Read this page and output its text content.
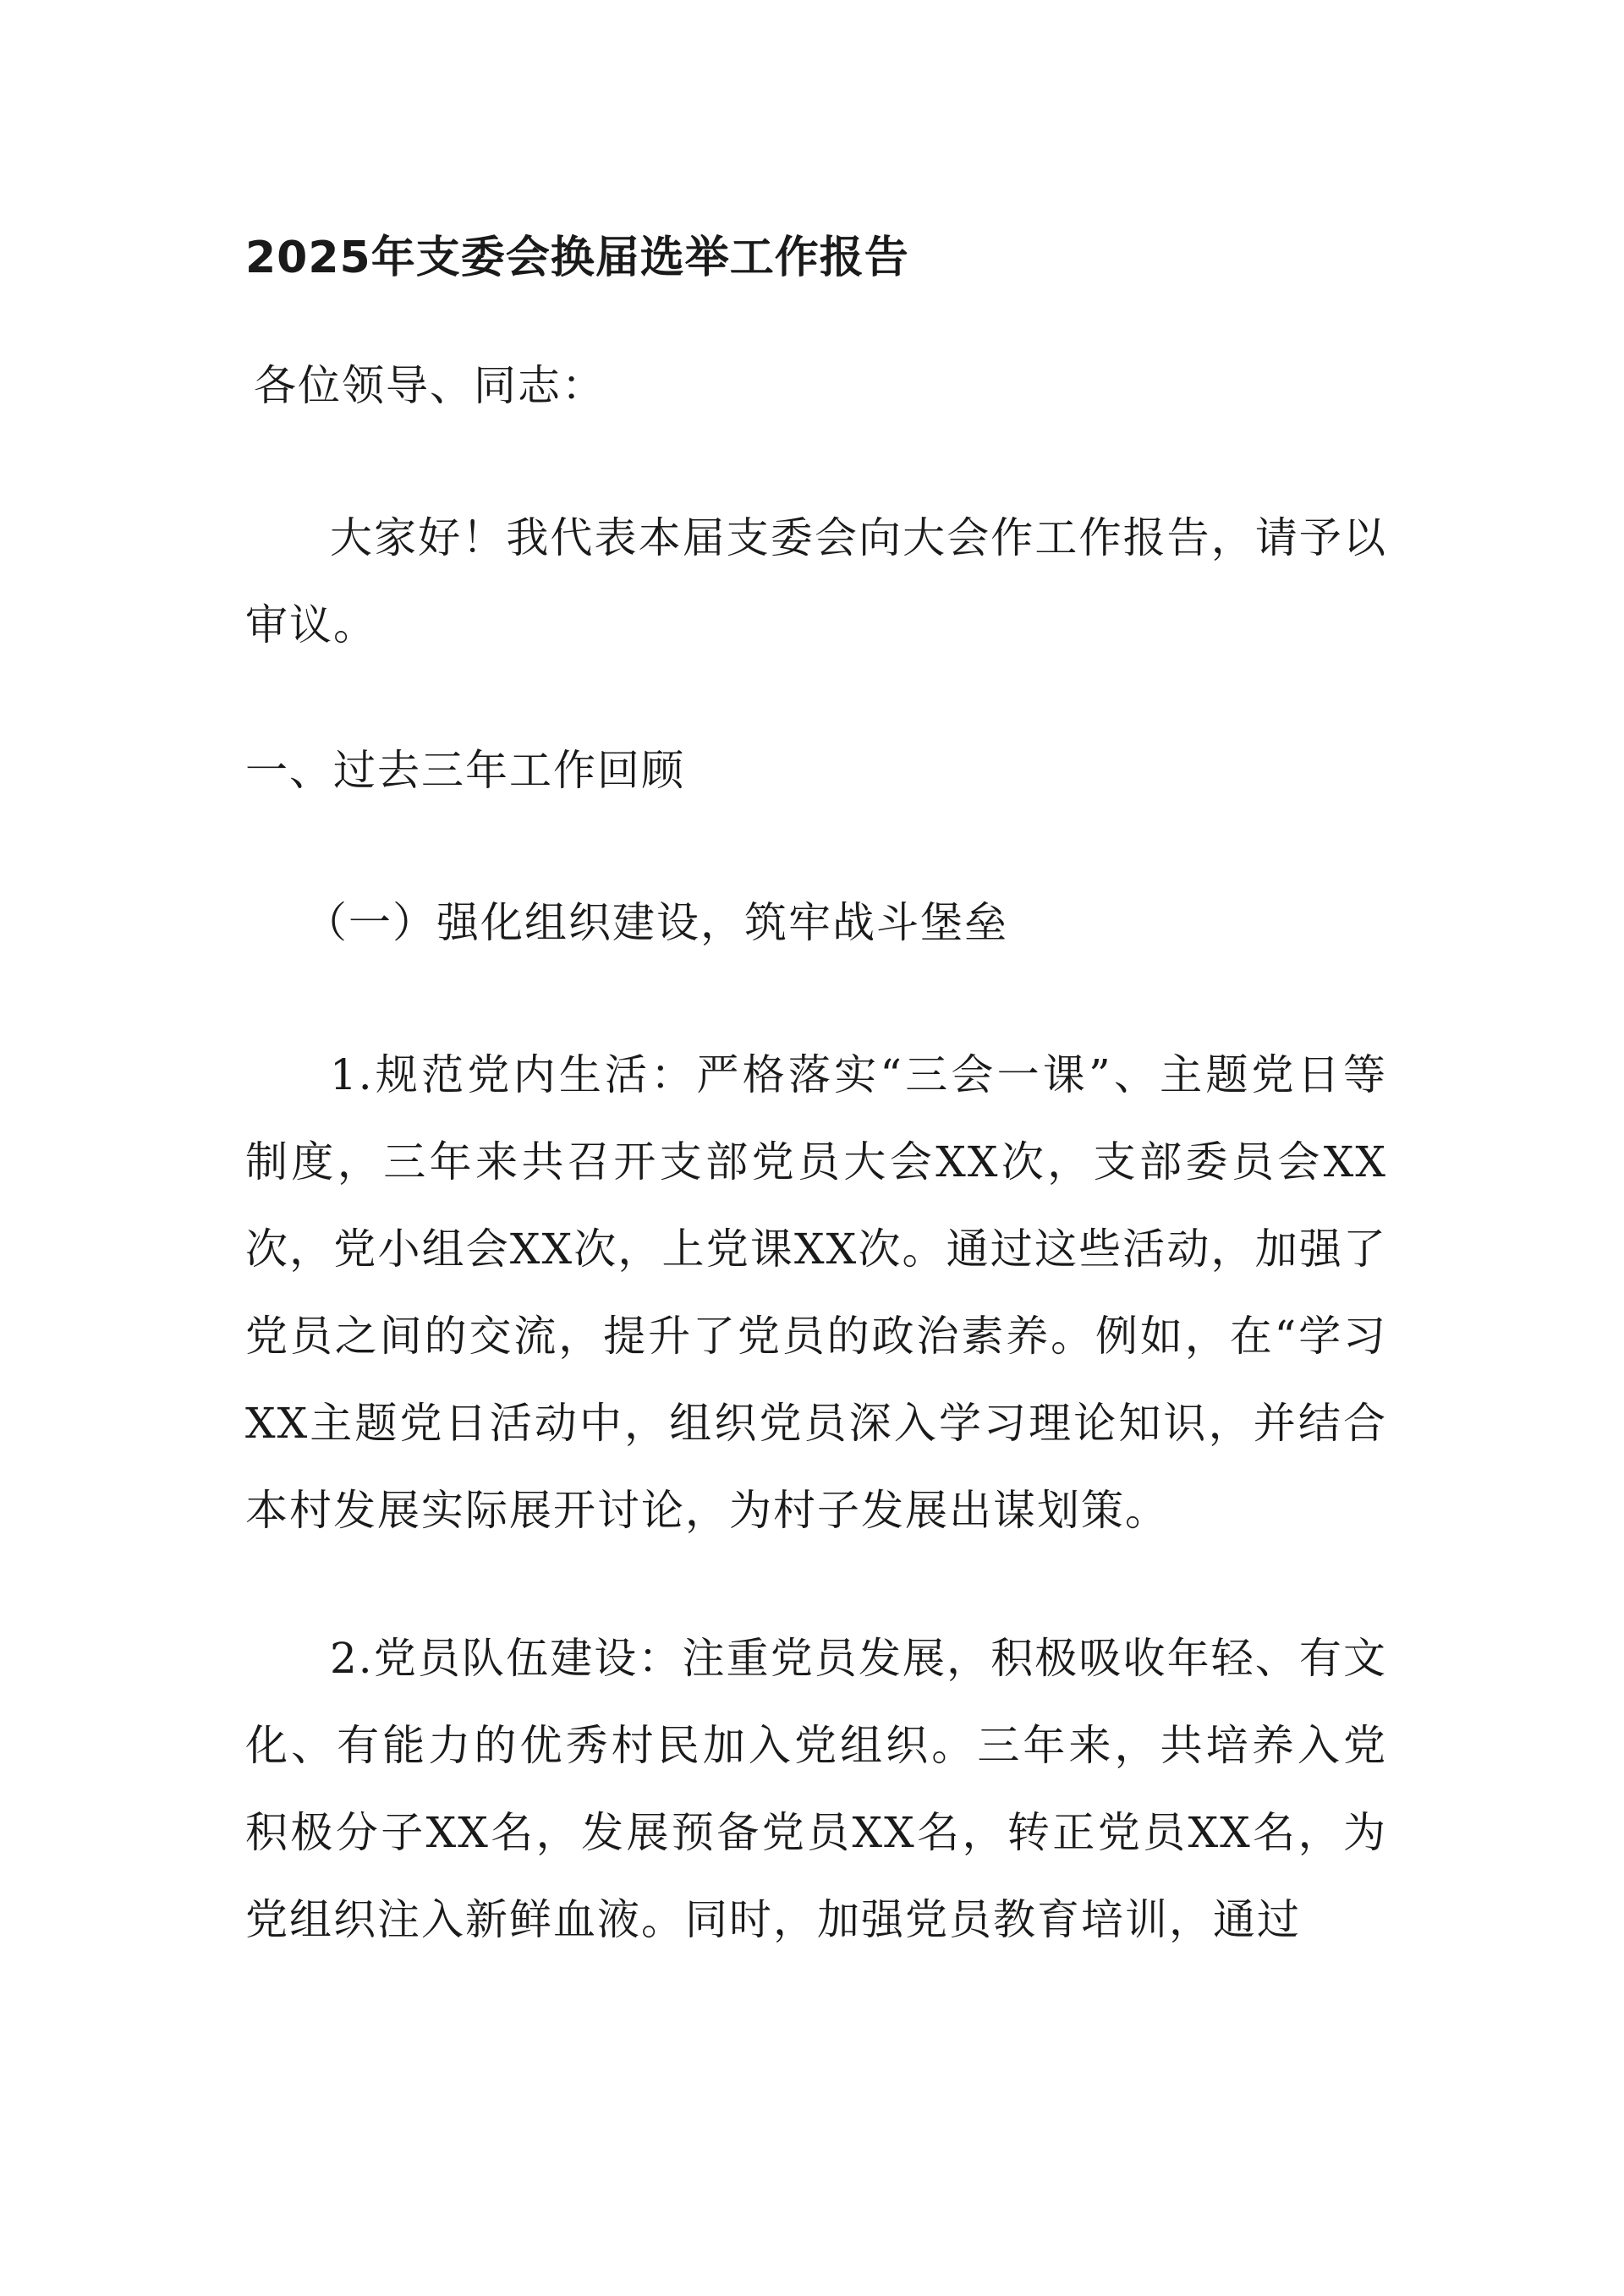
2025年支委会换届选举工作报告

各位领导、同志：

大家好！我代表本届支委会向大会作工作报告，请予以审议。

一、过去三年工作回顾

（一）强化组织建设，筑牢战斗堡垒

1.规范党内生活：严格落实“三会一课”、主题党日等制度，三年来共召开支部党员大会XX次，支部委员会XX次，党小组会XX次，上党课XX次。通过这些活动，加强了党员之间的交流，提升了党员的政治素养。例如，在“学习XX主题党日活动中，组织党员深入学习理论知识，并结合本村发展实际展开讨论，为村子发展出谋划策。

2.党员队伍建设：注重党员发展，积极吸收年轻、有文化、有能力的优秀村民加入党组织。三年来，共培养入党积极分子XX名，发展预备党员XX名，转正党员XX名，为党组织注入新鲜血液。同时，加强党员教育培训，通过
